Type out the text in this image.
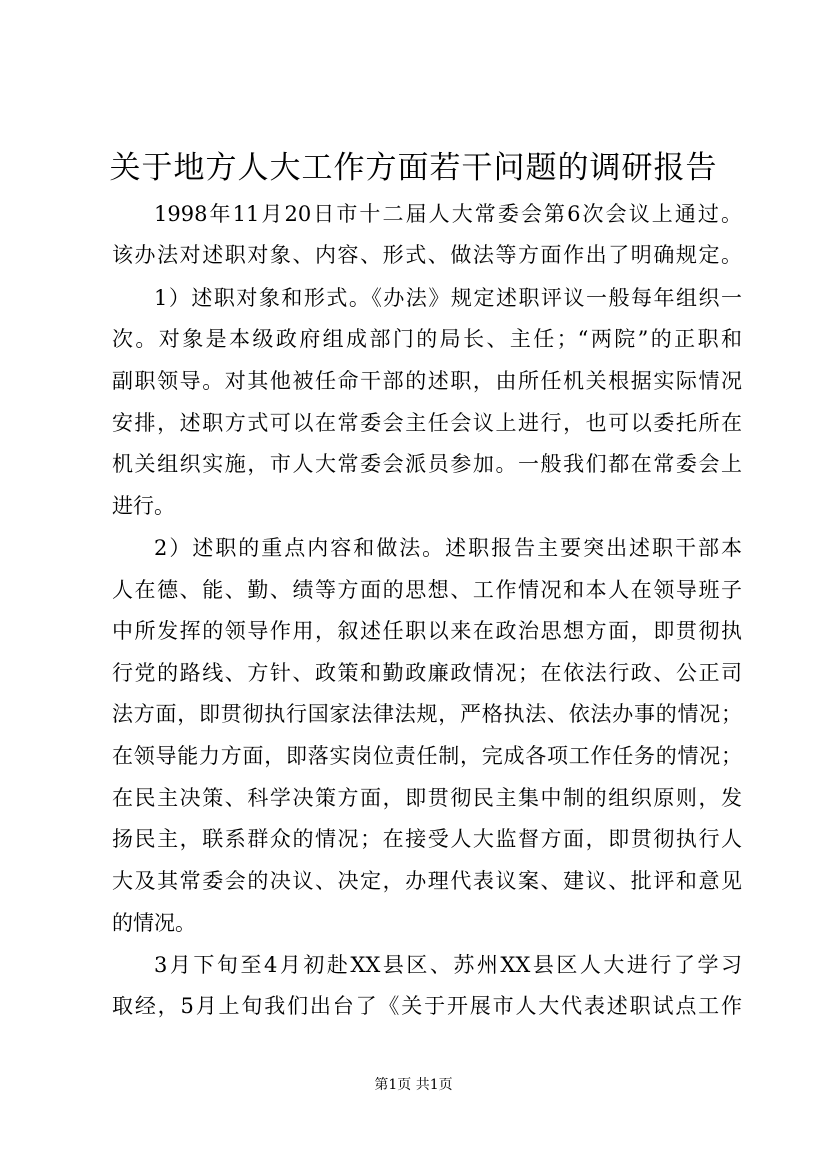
关于地方人大工作方面若干问题的调研报告
1998年11月20日市十二届人大常委会第6次会议上通过。
该办法对述职对象、内容、形式、做法等方面作出了明确规定。
1）述职对象和形式。《办法》规定述职评议一般每年组织一
次。对象是本级政府组成部门的局长、主任；“两院”的正职和
副职领导。对其他被任命干部的述职，由所任机关根据实际情况
安排，述职方式可以在常委会主任会议上进行，也可以委托所在
机关组织实施，市人大常委会派员参加。一般我们都在常委会上
进行。
2）述职的重点内容和做法。述职报告主要突出述职干部本
人在德、能、勤、绩等方面的思想、工作情况和本人在领导班子
中所发挥的领导作用，叙述任职以来在政治思想方面，即贯彻执
行党的路线、方针、政策和勤政廉政情况；在依法行政、公正司
法方面，即贯彻执行国家法律法规，严格执法、依法办事的情况；
在领导能力方面，即落实岗位责任制，完成各项工作任务的情况；
在民主决策、科学决策方面，即贯彻民主集中制的组织原则，发
扬民主，联系群众的情况；在接受人大监督方面，即贯彻执行人
大及其常委会的决议、决定，办理代表议案、建议、批评和意见
的情况。
3月下旬至4月初赴XX县区、苏州XX县区人大进行了学习
取经，5月上旬我们出台了《关于开展市人大代表述职试点工作
第1页 共1页
